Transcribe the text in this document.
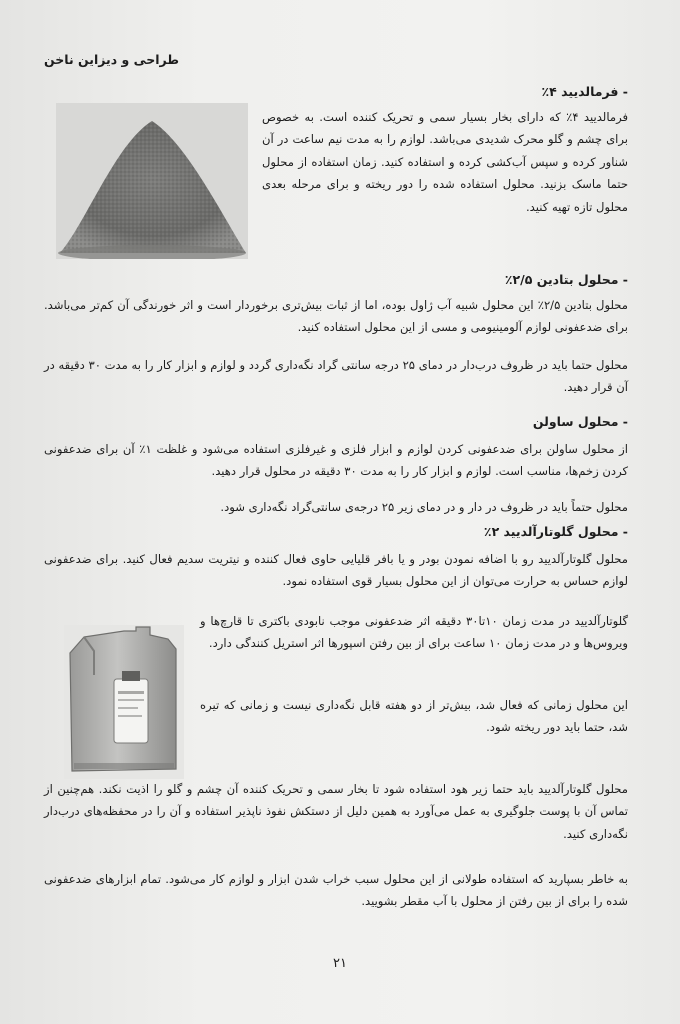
طراحی و دیزاین ناخن

- فرمالدیید ۴٪

فرمالدیید ۴٪ که دارای بخار بسیار سمی و تحریک کننده است. به خصوص برای چشم و گلو محرک شدیدی می‌باشد. لوازم را به مدت نیم ساعت در آن شناور کرده و سپس آب‌کشی کرده و استفاده کنید. زمان استفاده از محلول حتما ماسک بزنید. محلول استفاده شده را دور ریخته و برای مرحله بعدی محلول تازه تهیه کنید.

- محلول بتادین ۲/۵٪

محلول بتادین ۲/۵٪ این محلول شبیه آب ژاول بوده، اما از ثبات بیش‌تری برخوردار است و اثر خورندگی آن کم‌تر می‌باشد. برای ضدعفونی لوازم آلومینیومی و مسی از این محلول استفاده کنید.

محلول حتما باید در ظروف درب‌دار در دمای ۲۵ درجه سانتی گراد نگه‌داری گردد و لوازم و ابزار کار را به مدت ۳۰ دقیقه در آن قرار دهید.

- محلول ساولن

از محلول ساولن برای ضدعفونی کردن لوازم و ابزار فلزی و غیرفلزی استفاده می‌شود و غلظت ۱٪ آن برای ضدعفونی کردن زخم‌ها، مناسب است. لوازم و ابزار کار را به مدت ۳۰ دقیقه در محلول قرار دهید.

محلول حتماً باید در ظروف در دار و در دمای زیر ۲۵ درجه‌ی سانتی‌گراد نگه‌داری شود.

- محلول گلوتارآلدیید ۲٪

محلول گلوتارآلدیید رو با اضافه نمودن بودر و یا بافر قلیایی حاوی فعال کننده و نیتریت سدیم فعال کنید. برای ضدعفونی لوازم حساس به حرارت می‌توان از این محلول بسیار قوی استفاده نمود.

گلوتارآلدیید در مدت زمان ۱۰تا۳۰ دقیقه اثر ضدعفونی موجب نابودی باکتری تا قارچ‌ها و ویروس‌ها و در مدت زمان ۱۰ ساعت برای از بین رفتن اسپورها اثر استریل کنندگی دارد.

این محلول زمانی که فعال شد، بیش‌تر از دو هفته قابل نگه‌داری نیست و زمانی که تیره شد، حتما باید دور ریخته شود.

محلول گلوتارآلدیید باید حتما زیر هود استفاده شود تا بخار سمی و تحریک کننده آن چشم و گلو را اذیت نکند. هم‌چنین از تماس آن با پوست جلوگیری به عمل می‌آورد به همین دلیل از دستکش نفوذ ناپذیر استفاده و آن را در محفظه‌های درب‌دار نگه‌داری کنید.

به خاطر بسپارید که استفاده طولانی از این محلول سبب خراب شدن ابزار و لوازم کار می‌شود. تمام ابزارهای ضدعفونی شده را برای از بین رفتن از محلول با آب مقطر بشویید.

۲۱
